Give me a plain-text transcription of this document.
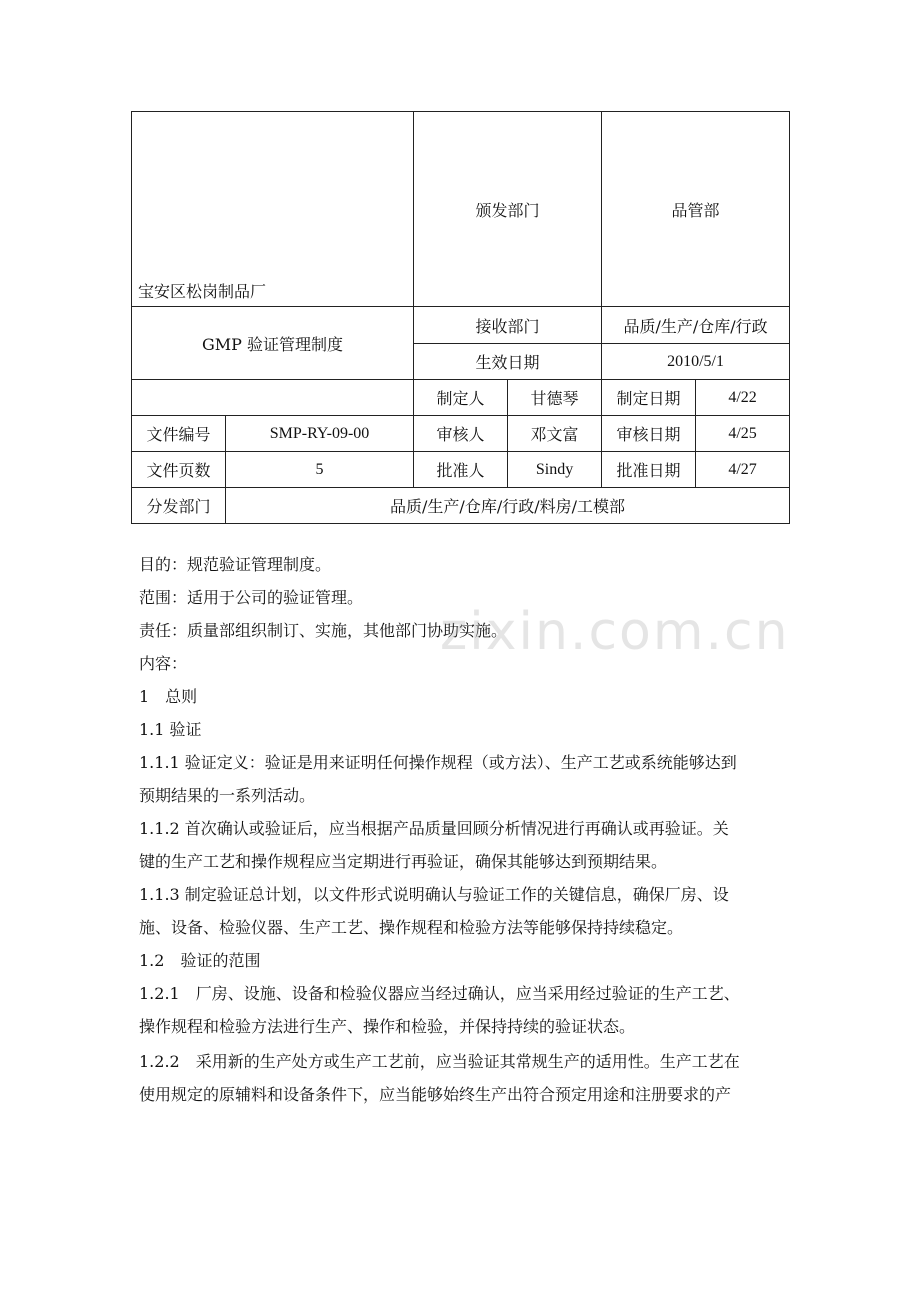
宝安区松岗制品厂		颁发部门		品管部	
GMP 验证管理制度		接收部门		品质/生产/仓库/行政	
		生效日期		2010/5/1	
		制定人	甘德琴	制定日期	4/22
文件编号	SMP-RY-09-00	审核人	邓文富	审核日期	4/25
文件页数	5	批准人	Sindy	批准日期	4/27
分发部门	品质/生产/仓库/行政/料房/工模部				

目的：规范验证管理制度。

范围：适用于公司的验证管理。

责任：质量部组织制订、实施，其他部门协助实施。

内容：

1　总则

1.1 验证

1.1.1 验证定义：验证是用来证明任何操作规程（或方法）、生产工艺或系统能够达到

预期结果的一系列活动。

1.1.2 首次确认或验证后，应当根据产品质量回顾分析情况进行再确认或再验证。关

键的生产工艺和操作规程应当定期进行再验证，确保其能够达到预期结果。

1.1.3 制定验证总计划，以文件形式说明确认与验证工作的关键信息，确保厂房、设

施、设备、检验仪器、生产工艺、操作规程和检验方法等能够保持持续稳定。

1.2　验证的范围

1.2.1　厂房、设施、设备和检验仪器应当经过确认，应当采用经过验证的生产工艺、

操作规程和检验方法进行生产、操作和检验，并保持持续的验证状态。

1.2.2　采用新的生产处方或生产工艺前，应当验证其常规生产的适用性。生产工艺在

使用规定的原辅料和设备条件下，应当能够始终生产出符合预定用途和注册要求的产

zixin.com.cn
